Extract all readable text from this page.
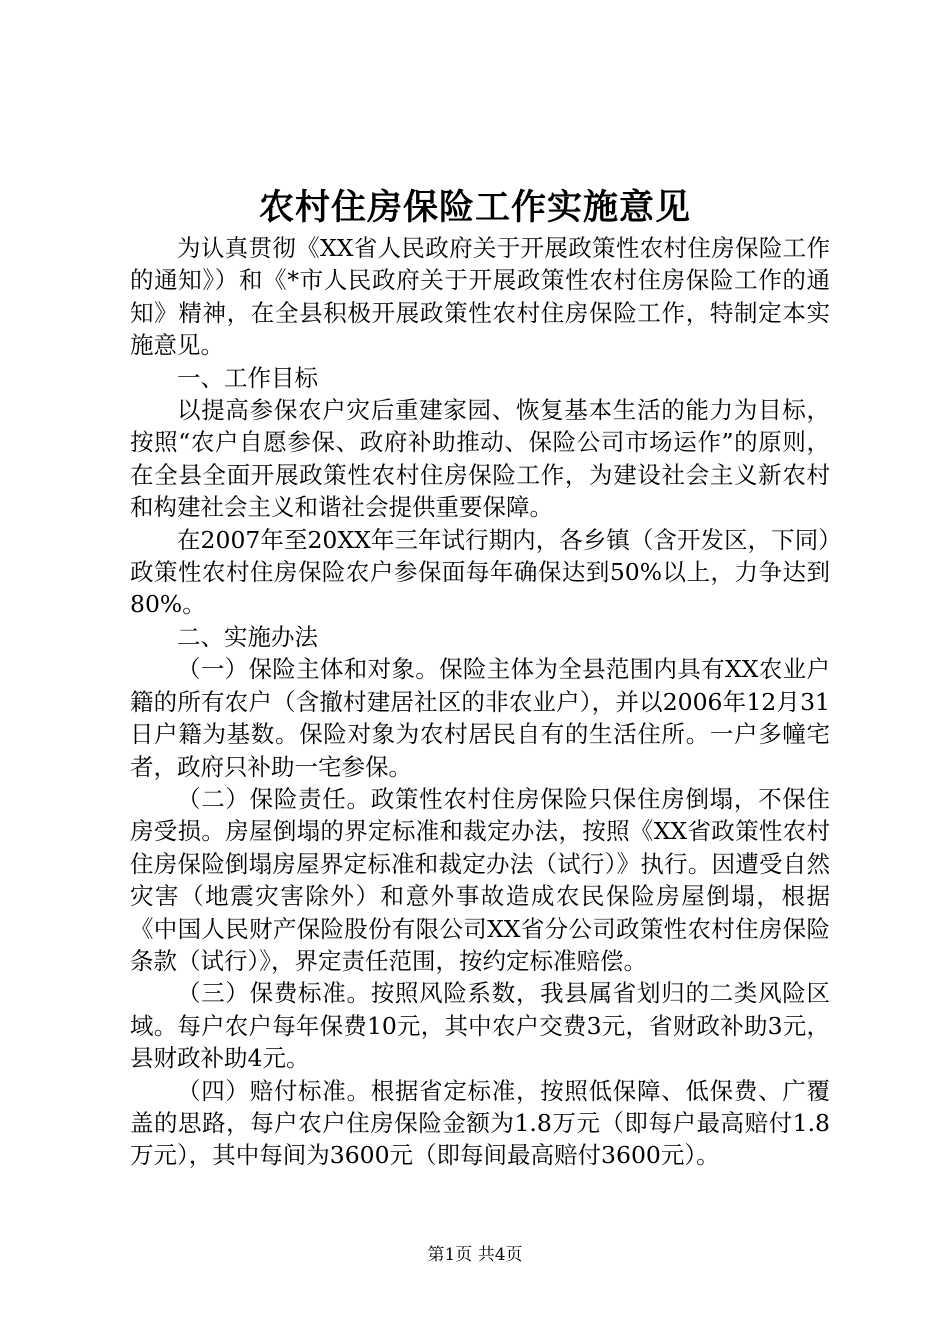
农村住房保险工作实施意见

为认真贯彻《XX省人民政府关于开展政策性农村住房保险工作的通知》）和《*市人民政府关于开展政策性农村住房保险工作的通知》精神，在全县积极开展政策性农村住房保险工作，特制定本实施意见。

一、工作目标

以提高参保农户灾后重建家园、恢复基本生活的能力为目标，按照“农户自愿参保、政府补助推动、保险公司市场运作”的原则，在全县全面开展政策性农村住房保险工作，为建设社会主义新农村和构建社会主义和谐社会提供重要保障。

在2007年至20XX年三年试行期内，各乡镇（含开发区，下同）政策性农村住房保险农户参保面每年确保达到50%以上，力争达到80%。

二、实施办法

（一）保险主体和对象。保险主体为全县范围内具有XX农业户籍的所有农户（含撤村建居社区的非农业户），并以2006年12月31日户籍为基数。保险对象为农村居民自有的生活住所。一户多幢宅者，政府只补助一宅参保。

（二）保险责任。政策性农村住房保险只保住房倒塌，不保住房受损。房屋倒塌的界定标准和裁定办法，按照《XX省政策性农村住房保险倒塌房屋界定标准和裁定办法（试行）》执行。因遭受自然灾害（地震灾害除外）和意外事故造成农民保险房屋倒塌，根据《中国人民财产保险股份有限公司XX省分公司政策性农村住房保险条款（试行）》，界定责任范围，按约定标准赔偿。

（三）保费标准。按照风险系数，我县属省划归的二类风险区域。每户农户每年保费10元，其中农户交费3元，省财政补助3元，县财政补助4元。

（四）赔付标准。根据省定标准，按照低保障、低保费、广覆盖的思路，每户农户住房保险金额为1.8万元（即每户最高赔付1.8万元），其中每间为3600元（即每间最高赔付3600元）。

第1页 共4页
